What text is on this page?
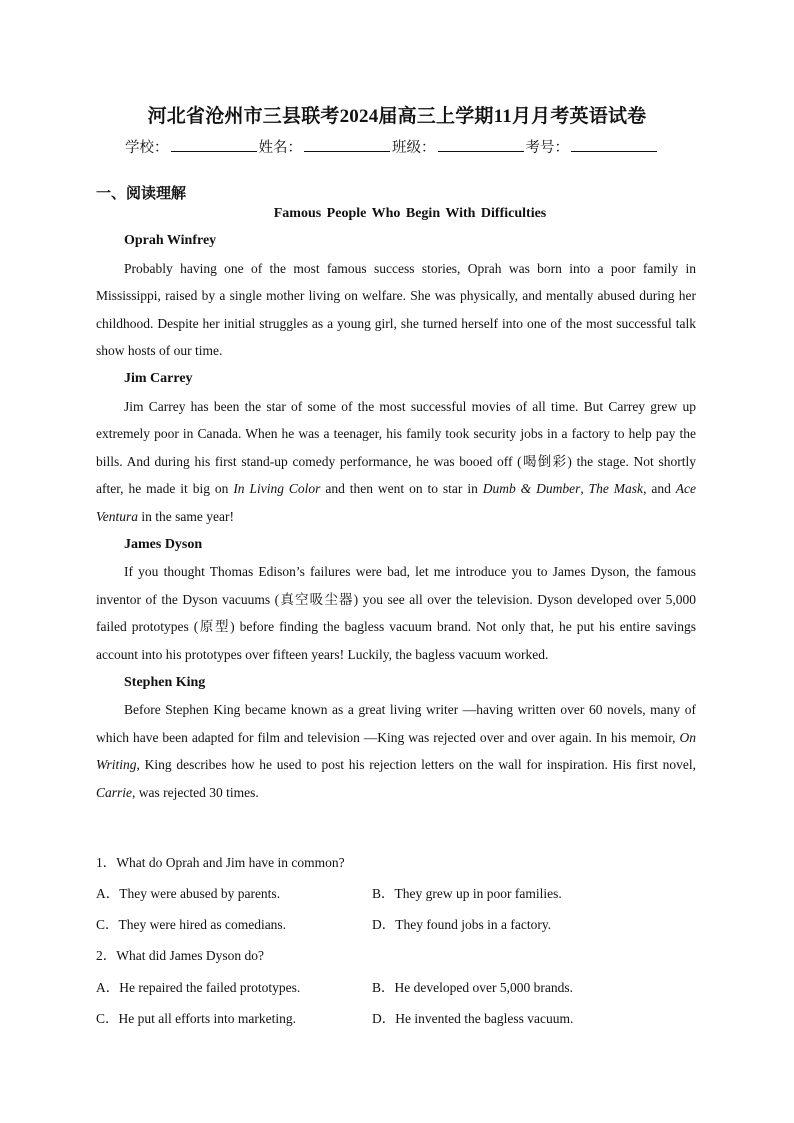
河北省沧州市三县联考2024届高三上学期11月月考英语试卷
学校：	姓名：	班级：	考号：
一、阅读理解
Famous People Who Begin With Difficulties

Oprah Winfrey

Probably having one of the most famous success stories, Oprah was born into a poor family in Mississippi, raised by a single mother living on welfare. She was physically, and mentally abused during her childhood. Despite her initial struggles as a young girl, she turned herself into one of the most successful talk show hosts of our time.

Jim Carrey

Jim Carrey has been the star of some of the most successful movies of all time. But Carrey grew up extremely poor in Canada. When he was a teenager, his family took security jobs in a factory to help pay the bills. And during his first stand-up comedy performance, he was booed off (喝倒彩) the stage. Not shortly after, he made it big on In Living Color and then went on to star in Dumb & Dumber, The Mask, and Ace Ventura in the same year!

James Dyson

If you thought Thomas Edison’s failures were bad, let me introduce you to James Dyson, the famous inventor of the Dyson vacuums (真空吸尘器) you see all over the television. Dyson developed over 5,000 failed prototypes (原型) before finding the bagless vacuum brand. Not only that, he put his entire savings account into his prototypes over fifteen years! Luckily, the bagless vacuum worked.

Stephen King

Before Stephen King became known as a great living writer —having written over 60 novels, many of which have been adapted for film and television —King was rejected over and over again. In his memoir, On Writing, King describes how he used to post his rejection letters on the wall for inspiration. His first novel, Carrie, was rejected 30 times.

1．What do Oprah and Jim have in common?
A．They were abused by parents.	B．They grew up in poor families.
C．They were hired as comedians.	D．They found jobs in a factory.
2．What did James Dyson do?
A．He repaired the failed prototypes.	B．He developed over 5,000 brands.
C．He put all efforts into marketing.	D．He invented the bagless vacuum.
